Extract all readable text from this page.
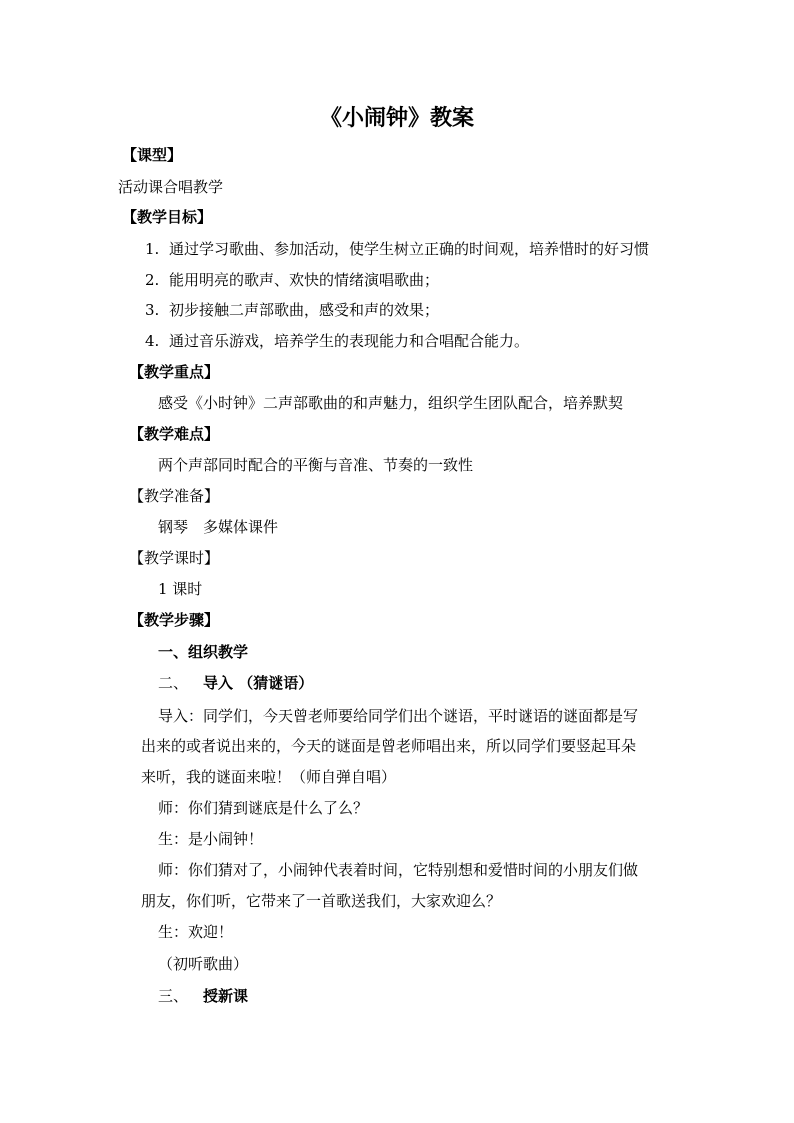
《小闹钟》教案
【课型】
活动课合唱教学
【教学目标】
1. 通过学习歌曲、参加活动，使学生树立正确的时间观，培养惜时的好习惯
2. 能用明亮的歌声、欢快的情绪演唱歌曲；
3. 初步接触二声部歌曲，感受和声的效果；
4. 通过音乐游戏，培养学生的表现能力和合唱配合能力。
【教学重点】
感受《小时钟》二声部歌曲的和声魅力，组织学生团队配合，培养默契
【教学难点】
两个声部同时配合的平衡与音准、节奏的一致性
【教学准备】
钢琴　多媒体课件
【教学课时】
1 课时
【教学步骤】
一、组织教学
二、 导入 （猜谜语）
导入：同学们，今天曾老师要给同学们出个谜语，平时谜语的谜面都是写
出来的或者说出来的，今天的谜面是曾老师唱出来，所以同学们要竖起耳朵
来听，我的谜面来啦！（师自弹自唱）
师：你们猜到谜底是什么了么？
生：是小闹钟！
师：你们猜对了，小闹钟代表着时间，它特别想和爱惜时间的小朋友们做
朋友，你们听，它带来了一首歌送我们，大家欢迎么？
生：欢迎！
（初听歌曲）
三、 授新课
